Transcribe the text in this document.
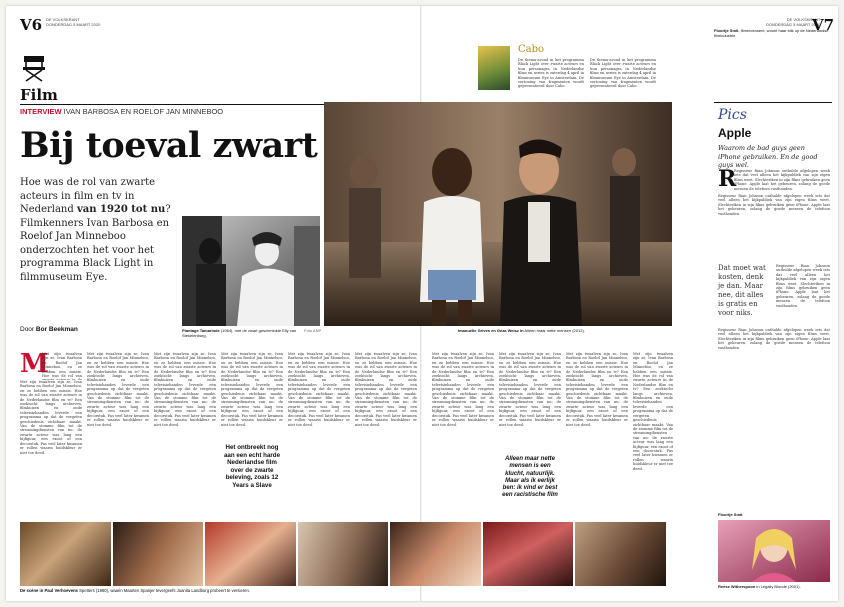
V6 DE VOLKSKRANT
DONDERDAG 5 MAART 2020
Film
INTERVIEW IVAN BARBOSA EN ROELOF JAN MINNEBOO
Bij toeval zwart
Hoe was de rol van zwarte acteurs in film en tv in Nederland van 1920 tot nu? Filmkenners Ivan Barbosa en Roelof Jan Minneboo onderzochten het voor het programma Black Light in filmmuseum Eye.
Door Bor Beekman	Plantage Tamarinde (1964), met de zwart geschminkte Elly van Stekelenburg.
Foto ANP
M
Met zijn twaalven zijn ze, Ivan Barbosa en Roelof Jan Minneboo, en ze hebben een missie. Hoe was de rol van
Met zijn twaalven zijn ze, Ivan Barbosa en Roelof Jan Minneboo, en ze hebben een missie. Hoe was de rol van zwarte acteurs in de Nederlandse film en tv? Een zoektocht langs archieven, filmhuizen en oude televisiebanden leverde een programma op dat de vergeten geschiedenis zichtbaar maakt. Van de stomme film tot de streamingdiensten van nu: de zwarte acteur was lang een bijfiguur, een exoot of een decorstuk. Pas veel later kwamen er rollen waarin huidskleur er niet toe deed.
Met zijn twaalven zijn ze, Ivan Barbosa en Roelof Jan Minneboo, en ze hebben een missie. Hoe was de rol van zwarte acteurs in de Nederlandse film en tv? Een zoektocht langs archieven, filmhuizen en oude televisiebanden leverde een programma op dat de vergeten geschiedenis zichtbaar maakt. Van de stomme film tot de streamingdiensten van nu: de zwarte acteur was lang een bijfiguur, een exoot of een decorstuk. Pas veel later kwamen er rollen waarin huidskleur er niet toe deed.
Met zijn twaalven zijn ze, Ivan Barbosa en Roelof Jan Minneboo, en ze hebben een missie. Hoe was de rol van zwarte acteurs in de Nederlandse film en tv? Een zoektocht langs archieven, filmhuizen en oude televisiebanden leverde een programma op dat de vergeten geschiedenis zichtbaar maakt. Van de stomme film tot de streamingdiensten van nu: de zwarte acteur was lang een bijfiguur, een exoot of een decorstuk. Pas veel later kwamen er rollen waarin huidskleur er niet toe deed.
Met zijn twaalven zijn ze, Ivan Barbosa en Roelof Jan Minneboo, en ze hebben een missie. Hoe was de rol van zwarte acteurs in de Nederlandse film en tv? Een zoektocht langs archieven, filmhuizen en oude televisiebanden leverde een programma op dat de vergeten geschiedenis zichtbaar maakt. Van de stomme film tot de streamingdiensten van nu: de zwarte acteur was lang een bijfiguur, een exoot of een decorstuk. Pas veel later kwamen er rollen waarin huidskleur er niet toe deed.
Het ontbreekt nog aan een echt harde Nederlandse film over de zwarte beleving, zoals 12 Years a Slave
Met zijn twaalven zijn ze, Ivan Barbosa en Roelof Jan Minneboo, en ze hebben een missie. Hoe was de rol van zwarte acteurs in de Nederlandse film en tv? Een zoektocht langs archieven, filmhuizen en oude televisiebanden leverde een programma op dat de vergeten geschiedenis zichtbaar maakt. Van de stomme film tot de streamingdiensten van nu: de zwarte acteur was lang een bijfiguur, een exoot of een decorstuk. Pas veel later kwamen er rollen waarin huidskleur er niet toe deed.
Met zijn twaalven zijn ze, Ivan Barbosa en Roelof Jan Minneboo, en ze hebben een missie. Hoe was de rol van zwarte acteurs in de Nederlandse film en tv? Een zoektocht langs archieven, filmhuizen en oude televisiebanden leverde een programma op dat de vergeten geschiedenis zichtbaar maakt. Van de stomme film tot de streamingdiensten van nu: de zwarte acteur was lang een bijfiguur, een exoot of een decorstuk. Pas veel later kwamen er rollen waarin huidskleur er niet toe deed.
De scène in Paul Verhoevens Spetters (1980), waarin Maarten Spanjer tevergeefs Juanita Landburg probeert te versieren.
DE VOLKSKRANT
DONDERDAG 5 MAART 2020
V7
Cabo
De thema-avond in het programma Black Light over zwarte acteurs en hun personages in Nederlandse films en series is zaterdag 4 april in filmmuseum Eye in Amsterdam. De vertoning van fragmenten wordt gepresenteerd door Cabo.
De thema-avond in het programma Black Light over zwarte acteurs en hun personages in Nederlandse films en series is zaterdag 4 april in filmmuseum Eye in Amsterdam. De vertoning van fragmenten wordt gepresenteerd door Cabo.
Imanuelle Grives en Géza Weisz in Alleen maar nette mensen (2012).
Met zijn twaalven zijn ze, Ivan Barbosa en Roelof Jan Minneboo, en ze hebben een missie. Hoe was de rol van zwarte acteurs in de Nederlandse film en tv? Een zoektocht langs archieven, filmhuizen en oude televisiebanden leverde een programma op dat de vergeten geschiedenis zichtbaar maakt. Van de stomme film tot de streamingdiensten van nu: de zwarte acteur was lang een bijfiguur, een exoot of een decorstuk. Pas veel later kwamen er rollen waarin huidskleur er niet toe deed.
Met zijn twaalven zijn ze, Ivan Barbosa en Roelof Jan Minneboo, en ze hebben een missie. Hoe was de rol van zwarte acteurs in de Nederlandse film en tv? Een zoektocht langs archieven, filmhuizen en oude televisiebanden leverde een programma op dat de vergeten geschiedenis zichtbaar maakt. Van de stomme film tot de streamingdiensten van nu: de zwarte acteur was lang een bijfiguur, een exoot of een decorstuk. Pas veel later kwamen er rollen waarin huidskleur er niet toe deed.
Alleen maar nette mensen is een klucht, natuurlijk. Maar als ik eerlijk ben: ik vind er best een racistische film
Met zijn twaalven zijn ze, Ivan Barbosa en Roelof Jan Minneboo, en ze hebben een missie. Hoe was de rol van zwarte acteurs in de Nederlandse film en tv? Een zoektocht langs archieven, filmhuizen en oude televisiebanden leverde een programma op dat de vergeten geschiedenis zichtbaar maakt. Van de stomme film tot de streamingdiensten van nu: de zwarte acteur was lang een bijfiguur, een exoot of een decorstuk. Pas veel later kwamen er rollen waarin huidskleur er niet toe deed.
Met zijn twaalven zijn ze, Ivan Barbosa en Roelof Jan Minneboo, en ze hebben een missie. Hoe was de rol van zwarte acteurs in de Nederlandse film en tv? Een zoektocht langs archieven, filmhuizen en oude televisiebanden leverde een programma op dat de vergeten geschiedenis zichtbaar maakt. Van de stomme film tot de streamingdiensten van nu: de zwarte acteur was lang een bijfiguur, een exoot of een decorstuk. Pas veel later kwamen er rollen waarin huidskleur er niet toe deed.
Floortje Smit, filmrecensent, woont haar blik op de Nederlandse filmindustrie
Pics
Apple
Waarom de bad guys geen iPhone gebruiken. En de good guys wel.
R
Regisseur Rian Johnson onthulde afgelopen week iets dat veel alleen het kijkpubliek van zijn eigen films weet. Slechteriken in zijn films gebruiken geen iPhone. Apple laat het gebeuren, zolang de goede mensen de telefoon vasthouden.
Regisseur Rian Johnson onthulde afgelopen week iets dat veel alleen het kijkpubliek van zijn eigen films weet. Slechteriken in zijn films gebruiken geen iPhone. Apple laat het gebeuren, zolang de goede mensen de telefoon vasthouden.
Dat moet wat kosten, denk je dan. Maar nee, dit alles is gratis en voor niks.
Regisseur Rian Johnson onthulde afgelopen week iets dat veel alleen het kijkpubliek van zijn eigen films weet. Slechteriken in zijn films gebruiken geen iPhone. Apple laat het gebeuren, zolang de goede mensen de telefoon vasthouden.
Regisseur Rian Johnson onthulde afgelopen week iets dat veel alleen het kijkpubliek van zijn eigen films weet. Slechteriken in zijn films gebruiken geen iPhone. Apple laat het gebeuren, zolang de goede mensen de telefoon vasthouden.
Floortje Smit
Reese Witherspoon in Legally Blonde (2001).
